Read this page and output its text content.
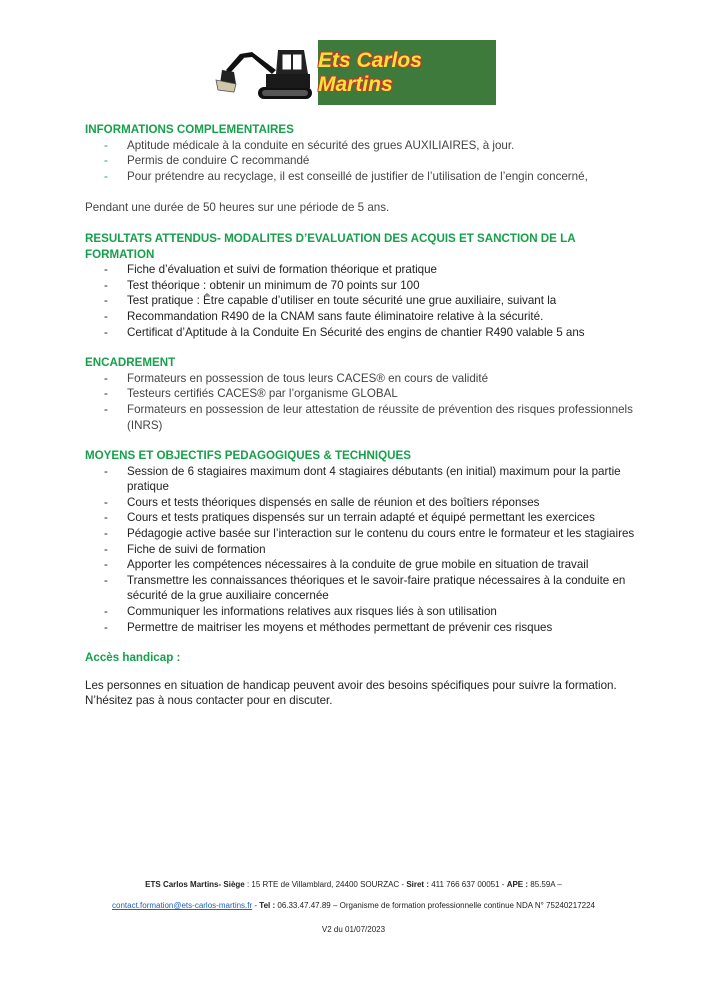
Ets Carlos Martins
INFORMATIONS COMPLEMENTAIRES
- Aptitude médicale à la conduite en sécurité des grues AUXILIAIRES, à jour.
- Permis de conduire C recommandé
- Pour prétendre au recyclage, il est conseillé de justifier de l’utilisation de l’engin concerné,

Pendant une durée de 50 heures sur une période de 5 ans.

RESULTATS ATTENDUS- MODALITES D’EVALUATION DES ACQUIS ET SANCTION DE LA FORMATION
- Fiche d’évaluation et suivi de formation théorique et pratique
- Test théorique : obtenir un minimum de 70 points sur 100
- Test pratique : Être capable d’utiliser en toute sécurité une grue auxiliaire, suivant la
- Recommandation R490 de la CNAM sans faute éliminatoire relative à la sécurité.
- Certificat d’Aptitude à la Conduite En Sécurité des engins de chantier R490 valable 5 ans
ENCADREMENT
- Formateurs en possession de tous leurs CACES® en cours de validité
- Testeurs certifiés CACES® par l’organisme GLOBAL
- Formateurs en possession de leur attestation de réussite de prévention des risques professionnels (INRS)
MOYENS ET OBJECTIFS PEDAGOGIQUES & TECHNIQUES
- Session de 6 stagiaires maximum dont 4 stagiaires débutants (en initial) maximum pour la partie pratique
- Cours et tests théoriques dispensés en salle de réunion et des boîtiers réponses
- Cours et tests pratiques dispensés sur un terrain adapté et équipé permettant les exercices
- Pédagogie active basée sur l’interaction sur le contenu du cours entre le formateur et les stagiaires
- Fiche de suivi de formation
- Apporter les compétences nécessaires à la conduite de grue mobile en situation de travail
- Transmettre les connaissances théoriques et le savoir-faire pratique nécessaires à la conduite en sécurité de la grue auxiliaire concernée
- Communiquer les informations relatives aux risques liés à son utilisation
- Permettre de maitriser les moyens et méthodes permettant de prévenir ces risques
Accès handicap :

Les personnes en situation de handicap peuvent avoir des besoins spécifiques pour suivre la formation. N’hésitez pas à nous contacter pour en discuter.

ETS Carlos Martins- Siège : 15 RTE de Villamblard, 24400 SOURZAC - Siret : 411 766 637 00051 - APE : 85.59A –
contact.formation@ets-carlos-martins.fr - Tel : 06.33.47.47.89 – Organisme de formation professionnelle continue NDA N° 75240217224
V2 du 01/07/2023
